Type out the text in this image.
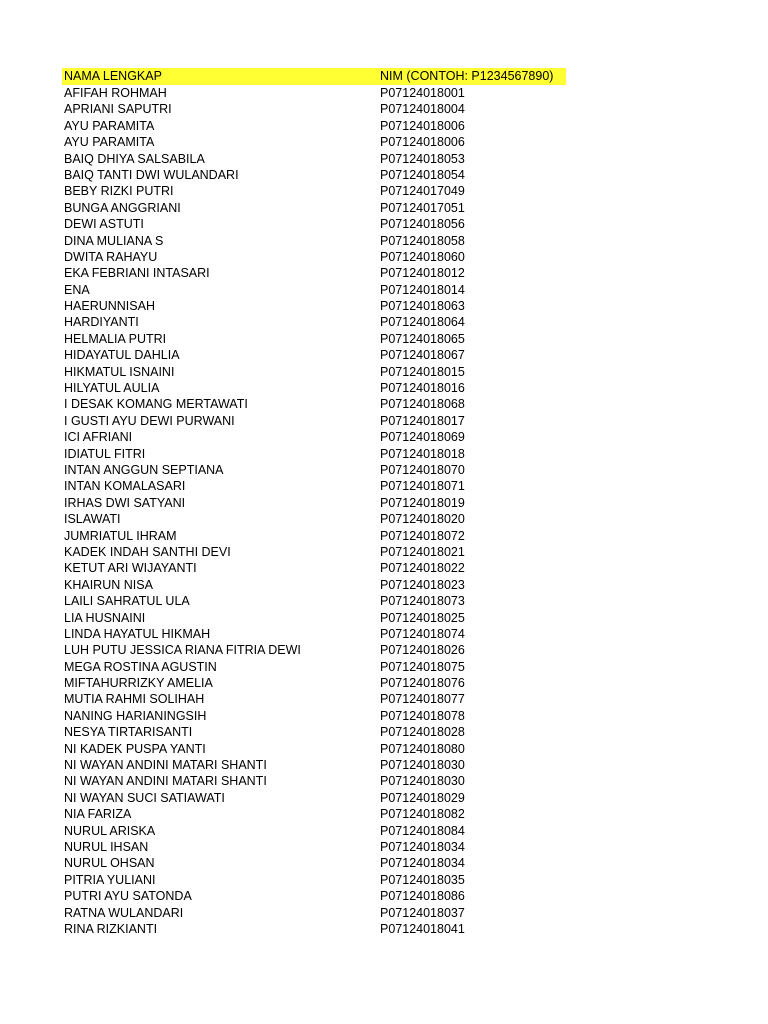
NAMA LENGKAP	NIM (CONTOH: P1234567890)
AFIFAH ROHMAH	P07124018001
APRIANI SAPUTRI	P07124018004
AYU PARAMITA	P07124018006
AYU PARAMITA	P07124018006
BAIQ DHIYA SALSABILA	P07124018053
BAIQ TANTI DWI WULANDARI	P07124018054
BEBY RIZKI PUTRI	P07124017049
BUNGA ANGGRIANI	P07124017051
DEWI ASTUTI	P07124018056
DINA MULIANA S	P07124018058
DWITA RAHAYU	P07124018060
EKA FEBRIANI INTASARI	P07124018012
ENA	P07124018014
HAERUNNISAH	P07124018063
HARDIYANTI	P07124018064
HELMALIA PUTRI	P07124018065
HIDAYATUL DAHLIA	P07124018067
HIKMATUL ISNAINI	P07124018015
HILYATUL AULIA	P07124018016
I DESAK KOMANG MERTAWATI	P07124018068
I GUSTI AYU DEWI PURWANI	P07124018017
ICI AFRIANI	P07124018069
IDIATUL FITRI	P07124018018
INTAN ANGGUN SEPTIANA	P07124018070
INTAN KOMALASARI	P07124018071
IRHAS DWI SATYANI	P07124018019
ISLAWATI	P07124018020
JUMRIATUL IHRAM	P07124018072
KADEK INDAH SANTHI DEVI	P07124018021
KETUT ARI WIJAYANTI	P07124018022
KHAIRUN NISA	P07124018023
LAILI SAHRATUL ULA	P07124018073
LIA HUSNAINI	P07124018025
LINDA HAYATUL HIKMAH	P07124018074
LUH PUTU JESSICA RIANA FITRIA DEWI	P07124018026
MEGA ROSTINA AGUSTIN	P07124018075
MIFTAHURRIZKY AMELIA	P07124018076
MUTIA RAHMI SOLIHAH	P07124018077
NANING HARIANINGSIH	P07124018078
NESYA TIRTARISANTI	P07124018028
NI KADEK PUSPA YANTI	P07124018080
NI WAYAN ANDINI MATARI SHANTI	P07124018030
NI WAYAN ANDINI MATARI SHANTI	P07124018030
NI WAYAN SUCI SATIAWATI	P07124018029
NIA FARIZA	P07124018082
NURUL ARISKA	P07124018084
NURUL IHSAN	P07124018034
NURUL OHSAN	P07124018034
PITRIA YULIANI	P07124018035
PUTRI AYU SATONDA	P07124018086
RATNA WULANDARI	P07124018037
RINA RIZKIANTI	P07124018041
